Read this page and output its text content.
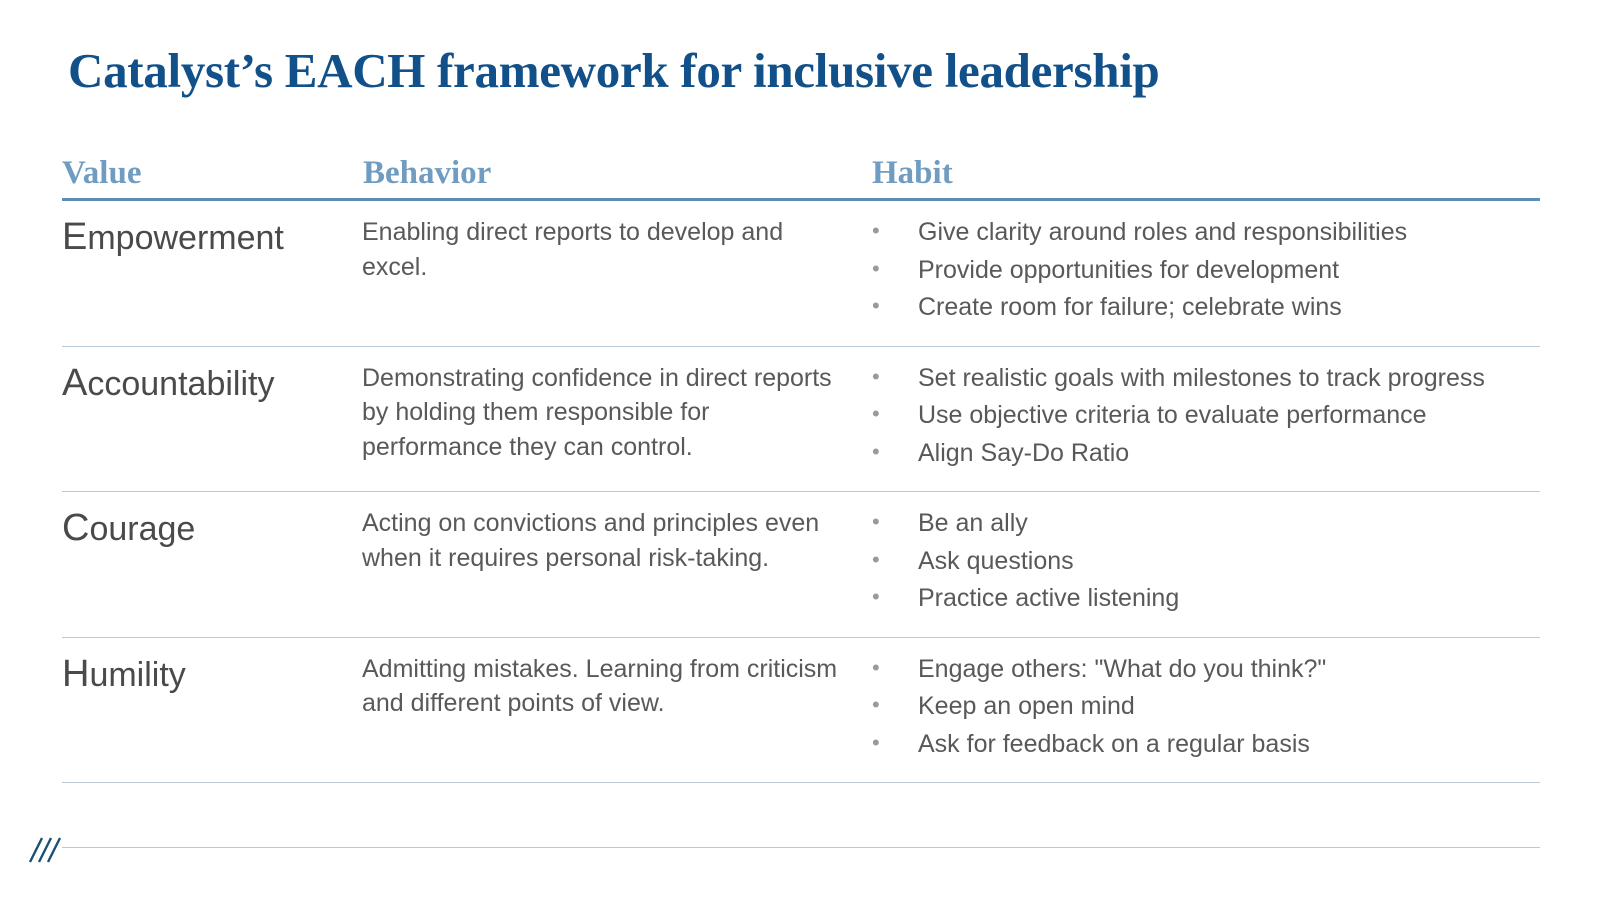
Catalyst’s EACH framework for inclusive leadership
Value	Behavior	Habit
Empowerment	Enabling direct reports to develop and excel.
•	Give clarity around roles and responsibilities
•	Provide opportunities for development
•	Create room for failure; celebrate wins
Accountability	Demonstrating confidence in direct reports by holding them responsible for performance they can control.
•	Set realistic goals with milestones to track progress
•	Use objective criteria to evaluate performance
•	Align Say-Do Ratio
Courage	Acting on convictions and principles even when it requires personal risk-taking.
•	Be an ally
•	Ask questions
•	Practice active listening
Humility	Admitting mistakes. Learning from criticism and different points of view.
•	Engage others: "What do you think?"
•	Keep an open mind
•	Ask for feedback on a regular basis
